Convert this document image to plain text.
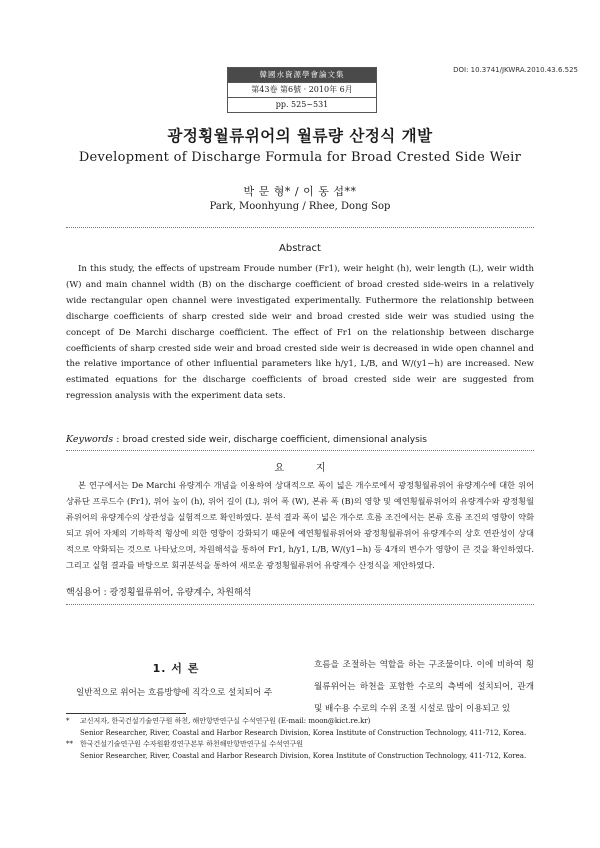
韓國水資源學會論文集
第43卷 第6號 · 2010年 6月
pp. 525~531
DOI: 10.3741/JKWRA.2010.43.6.525
광정횡월류위어의 월류량 산정식 개발
Development of Discharge Formula for Broad Crested Side Weir
박 문 형* / 이 동 섭**
Park, Moonhyung / Rhee, Dong Sop
Abstract
In this study, the effects of upstream Froude number (Fr1), weir height (h), weir length (L), weir width (W) and main channel width (B) on the discharge coefficient of broad crested side-weirs in a relatively wide rectangular open channel were investigated experimentally. Futhermore the relationship between discharge coefficients of sharp crested side weir and broad crested side weir was studied using the concept of De Marchi discharge coefficient. The effect of Fr1 on the relationship between discharge coefficients of sharp crested side weir and broad crested side weir is decreased in wide open channel and the relative importance of other influential parameters like h/y1, L/B, and W/(y1−h) are increased. New estimated equations for the discharge coefficients of broad crested side weir are suggested from regression analysis with the experiment data sets.
Keywords : broad crested side weir, discharge coefficient, dimensional analysis
요          지
본 연구에서는 De Marchi 유량계수 개념을 이용하여 상대적으로 폭이 넓은 개수로에서 광정횡월류위어 유량계수에 대한 위어 상류단 프루드수 (Fr1), 위어 높이 (h), 위어 길이 (L), 위어 폭 (W), 본류 폭 (B)의 영향 및 예연횡월류위어의 유량계수와 광정횡월류위어의 유량계수의 상관성을 실험적으로 확인하였다. 분석 결과 폭이 넓은 개수로 흐름 조건에서는 본류 흐름 조건의 영향이 약화되고 위어 자체의 기하학적 형상에 의한 영향이 강화되기 때문에 예연횡월류위어와 광정횡월류위어 유량계수의 상호 연관성이 상대적으로 약화되는 것으로 나타났으며, 차원해석을 통하여 Fr1, h/y1, L/B, W/(y1−h) 등 4개의 변수가 영향이 큰 것을 확인하였다. 그리고 실험 결과를 바탕으로 회귀분석을 통하여 새로운 광정횡월류위어 유량계수 산정식을 제안하였다.
핵심용어 : 광정횡월류위어, 유량계수, 차원해석
1. 서 론
일반적으로 위어는 흐름방향에 직각으로 설치되어 주
흐름을 조절하는 역할을 하는 구조물이다. 이에 비하여 횡월류위어는 하천을 포함한 수로의 측벽에 설치되어, 관개 및 배수용 수로의 수위 조절 시설로 많이 이용되고 있
* 교신저자, 한국건설기술연구원 하천, 해안항만연구실 수석연구원 (E-mail: moon@kict.re.kr)
Senior Researcher, River, Coastal and Harbor Research Division, Korea Institute of Construction Technology, 411-712, Korea.
** 한국건설기술연구원 수자원환경연구본부 하천해안항만연구실 수석연구원
Senior Researcher, River, Coastal and Harbor Research Division, Korea Institute of Construction Technology, 411-712, Korea.
